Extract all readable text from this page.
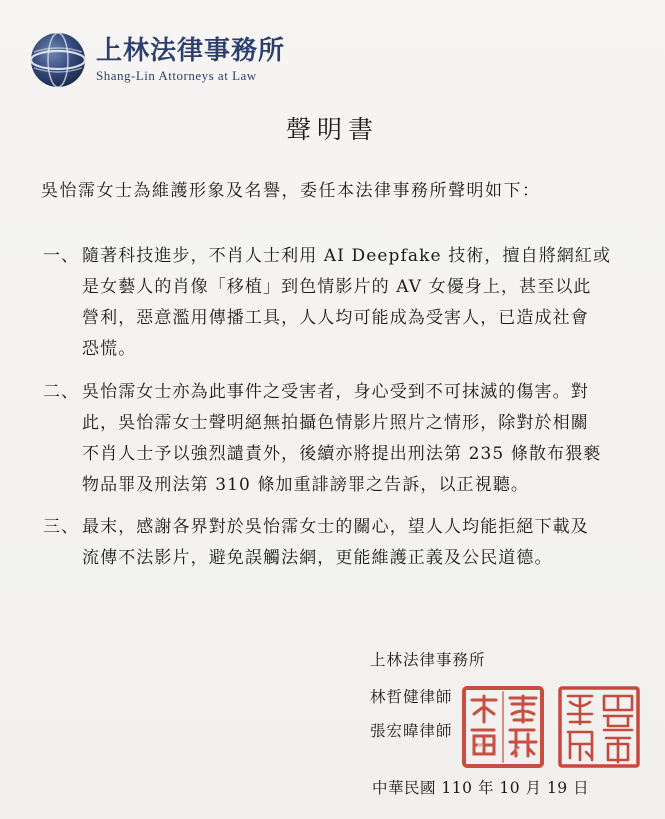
上林法律事務所
Shang-Lin Attorneys at Law
聲明書
吳怡霈女士為維護形象及名譽，委任本法律事務所聲明如下：
一、 隨著科技進步，不肖人士利用 AI Deepfake 技術，擅自將網紅或
是女藝人的肖像「移植」到色情影片的 AV 女優身上，甚至以此
營利，惡意濫用傳播工具，人人均可能成為受害人，已造成社會
恐慌。
二、 吳怡霈女士亦為此事件之受害者，身心受到不可抹滅的傷害。對
此，吳怡霈女士聲明絕無拍攝色情影片照片之情形，除對於相關
不肖人士予以強烈譴責外，後續亦將提出刑法第 235 條散布猥褻
物品罪及刑法第 310 條加重誹謗罪之告訴，以正視聽。
三、 最末，感謝各界對於吳怡霈女士的關心，望人人均能拒絕下載及
流傳不法影片，避免誤觸法網，更能維護正義及公民道德。
上林法律事務所
林哲健律師
張宏暐律師
中華民國 110 年 10 月 19 日
